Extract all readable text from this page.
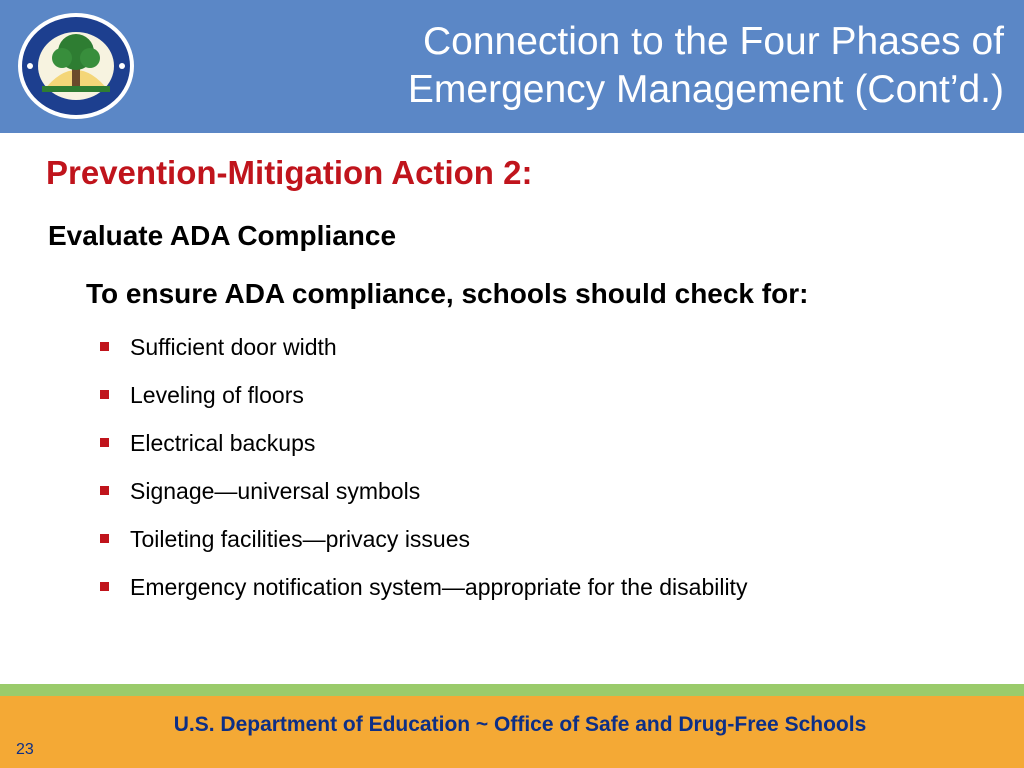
Connection to the Four Phases of
Emergency Management (Cont’d.)
Prevention-Mitigation Action 2:
Evaluate ADA Compliance
To ensure ADA compliance, schools should check for:
Sufficient door width
Leveling of floors
Electrical backups
Signage—universal symbols
Toileting facilities—privacy issues
Emergency notification system—appropriate for the disability
U.S. Department of Education ~ Office of Safe and Drug-Free Schools
23
